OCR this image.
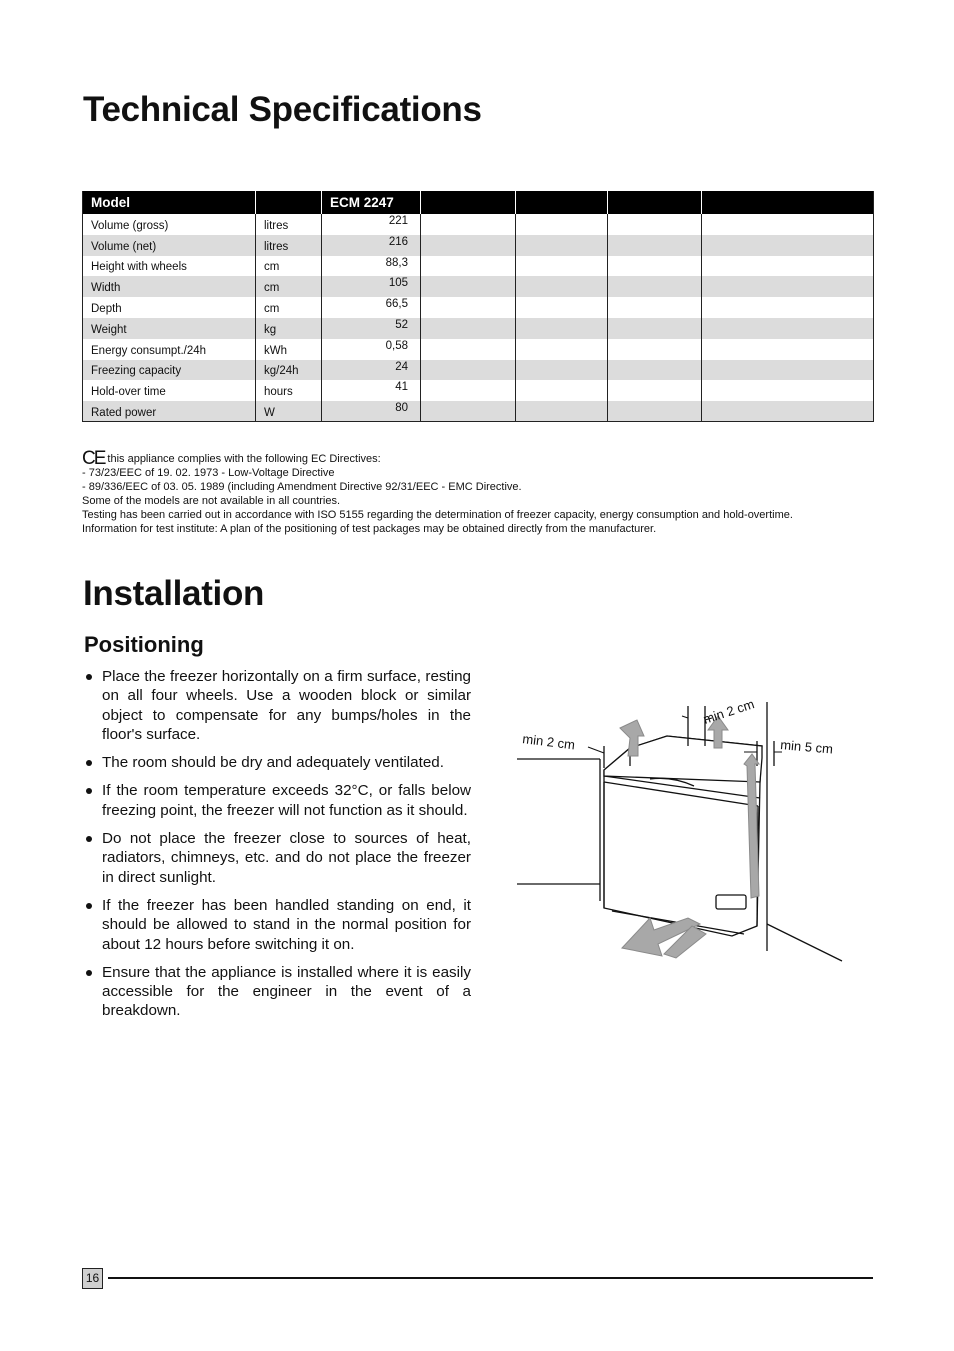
Technical Specifications
Model		ECM 2247				
Volume (gross)	litres	221				
Volume (net)	litres	216				
Height with wheels	cm	88,3				
Width	cm	105				
Depth	cm	66,5				
Weight	kg	52				
Energy consumpt./24h	kWh	0,58				
Freezing capacity	kg/24h	24				
Hold-over time	hours	41				
Rated power	W	80				
CE this appliance complies with the following EC Directives:
- 73/23/EEC of 19. 02. 1973 - Low-Voltage Directive
- 89/336/EEC of 03. 05. 1989 (including Amendment Directive 92/31/EEC - EMC Directive.
Some of the models are not available in all countries.
Testing has been carried out in accordance with ISO 5155 regarding the determination of freezer capacity, energy consumption and hold-overtime.
Information for test institute: A plan of the positioning of test packages may be obtained directly from the manufacturer.
Installation
Positioning
Place the freezer horizontally on a firm surface, resting on all four wheels. Use a wooden block or similar object to compensate for any bumps/holes in the floor's surface.
The room should be dry and adequately ventilated.
If the room temperature exceeds 32°C, or falls below freezing point, the freezer will not function as it should.
Do not place the freezer close to sources of heat, radiators, chimneys, etc. and do not place the freezer in direct sunlight.
If the freezer has been handled standing on end, it should be allowed to stand in the normal position for about 12 hours before switching it on.
Ensure that the appliance is installed where it is easily accessible for the engineer in the event of a breakdown.
min 2 cm
min 2 cm
min 5 cm
16
